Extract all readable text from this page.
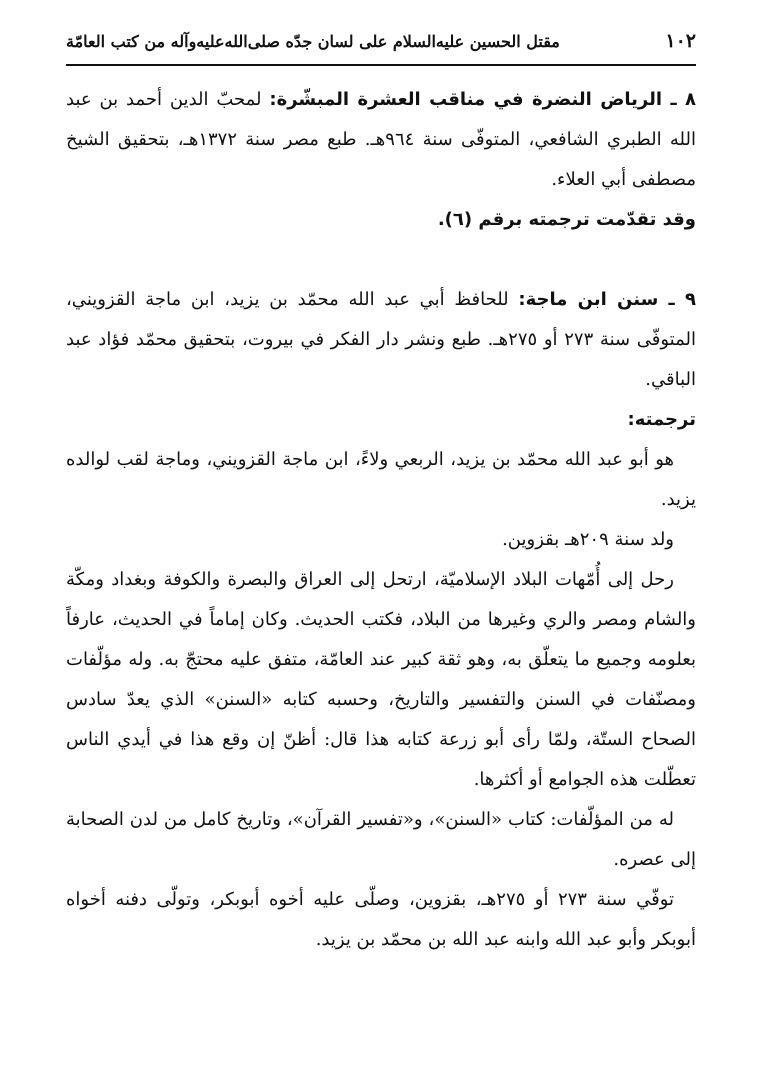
١٠٢
مقتل الحسين عليه‌السلام على لسان جدّه صلى‌الله‌عليه‌وآله من كتب العامّة

٨ ـ الرياض النضرة في مناقب العشرة المبشّرة: لمحبّ الدين أحمد بن عبد الله الطبري الشافعي، المتوفّى سنة ٩٦٤هـ. طبع مصر سنة ١٣٧٢هـ، بتحقيق الشيخ مصطفى أبي العلاء.

وقد تقدّمت ترجمته برقم (٦).

٩ ـ سنن ابن ماجة: للحافظ أبي عبد الله محمّد بن يزيد، ابن ماجة القزويني، المتوفّى سنة ٢٧٣ أو ٢٧٥هـ. طبع ونشر دار الفكر في بيروت، بتحقيق محمّد فؤاد عبد الباقي.

ترجمته:

هو أبو عبد الله محمّد بن يزيد، الربعي ولاءً، ابن ماجة القزويني، وماجة لقب لوالده يزيد.

ولد سنة ٢٠٩هـ بقزوين.

رحل إلى أُمّهات البلاد الإسلاميّة، ارتحل إلى العراق والبصرة والكوفة وبغداد ومكّة والشام ومصر والري وغيرها من البلاد، فكتب الحديث. وكان إماماً في الحديث، عارفاً بعلومه وجميع ما يتعلّق به، وهو ثقة كبير عند العامّة، متفق عليه محتجّ به. وله مؤلّفات ومصنّفات في السنن والتفسير والتاريخ، وحسبه كتابه «السنن» الذي يعدّ سادس الصحاح الستّة، ولمّا رأى أبو زرعة كتابه هذا قال: أظنّ إن وقع هذا في أيدي الناس تعطّلت هذه الجوامع أو أكثرها.

له من المؤلّفات: كتاب «السنن»، و«تفسير القرآن»، وتاريخ كامل من لدن الصحابة إلى عصره.

توفّي سنة ٢٧٣ أو ٢٧٥هـ، بقزوين، وصلّى عليه أخوه أبوبكر، وتولّى دفنه أخواه أبوبكر وأبو عبد الله وابنه عبد الله بن محمّد بن يزيد.
